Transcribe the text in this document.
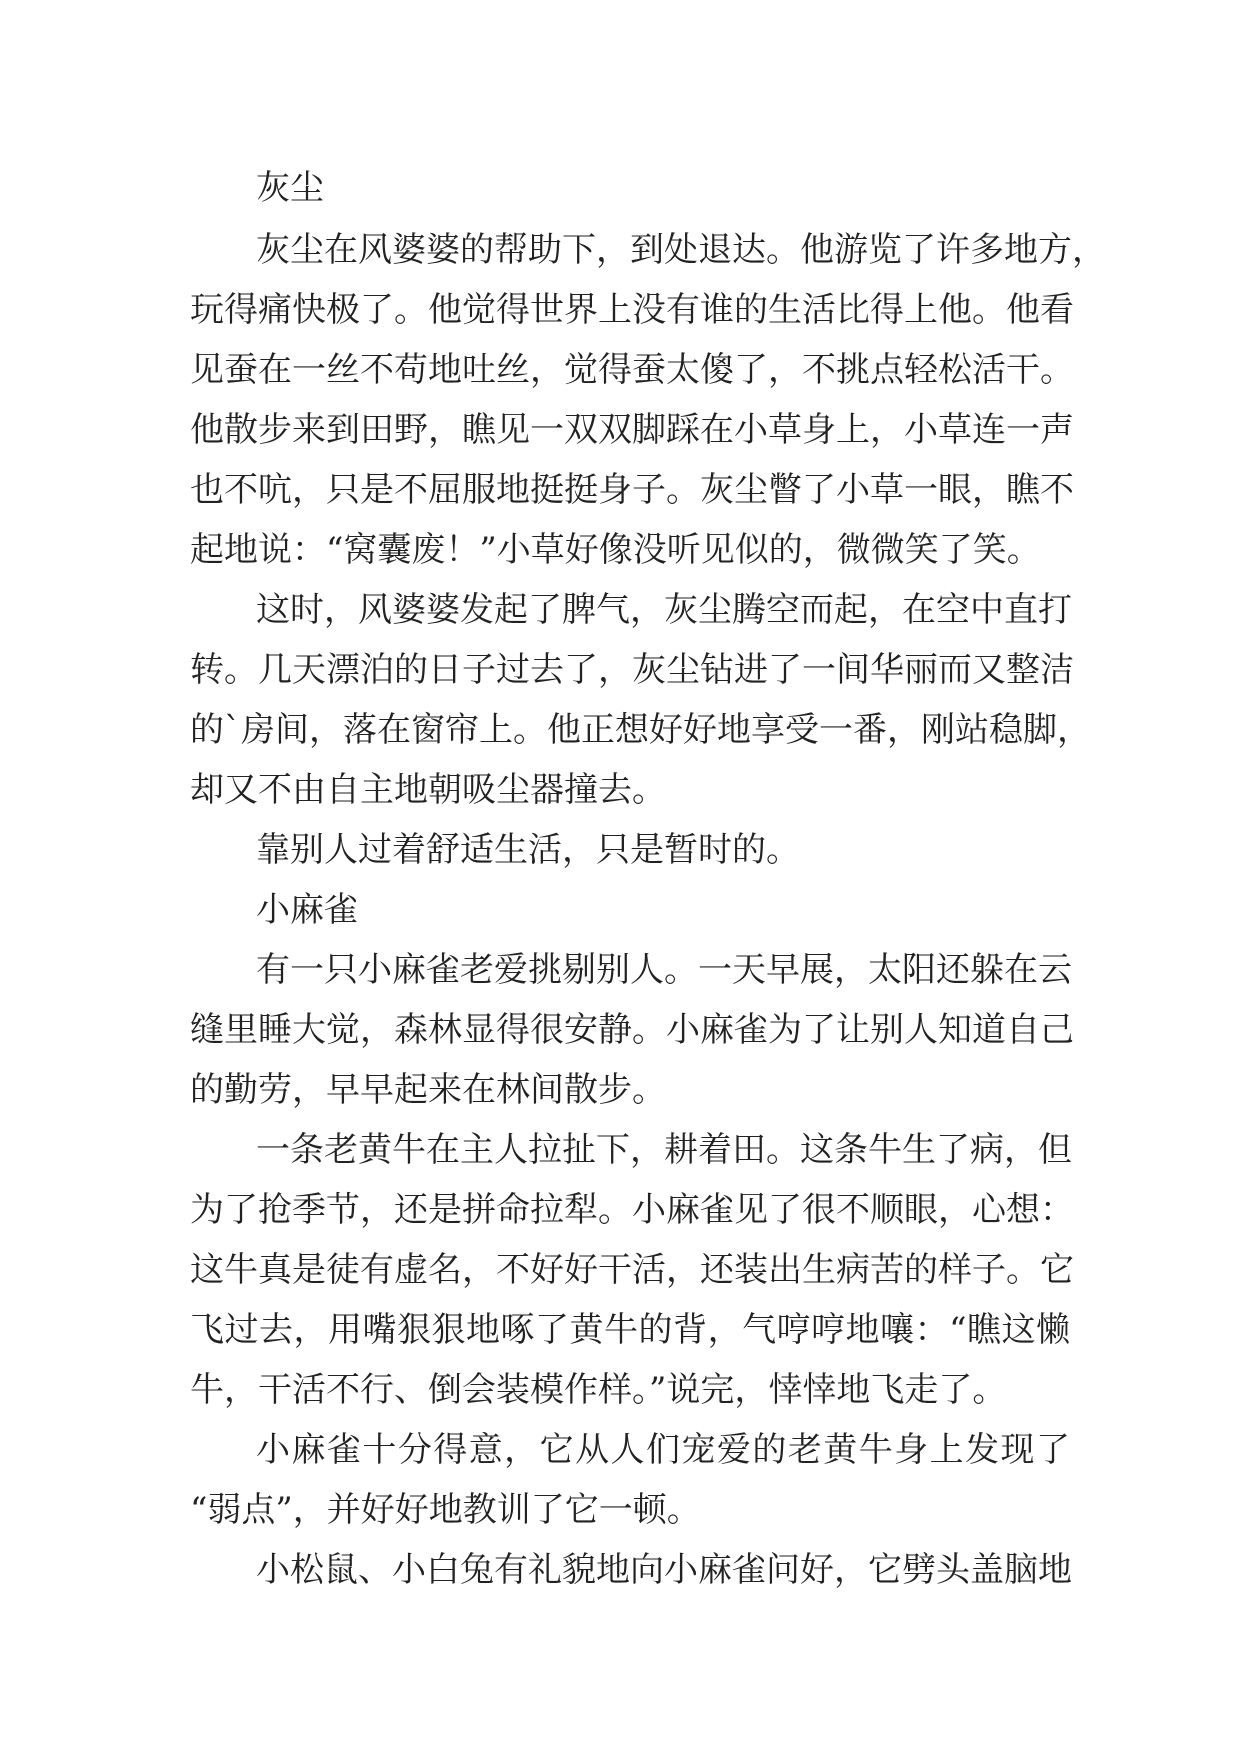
灰尘
灰尘在风婆婆的帮助下，到处退达。他游览了许多地方，
玩得痛快极了。他觉得世界上没有谁的生活比得上他。他看
见蚕在一丝不苟地吐丝，觉得蚕太傻了，不挑点轻松活干。
他散步来到田野，瞧见一双双脚踩在小草身上，小草连一声
也不吭，只是不屈服地挺挺身子。灰尘瞥了小草一眼，瞧不
起地说：“窝囊废！”小草好像没听见似的，微微笑了笑。
这时，风婆婆发起了脾气，灰尘腾空而起，在空中直打
转。几天漂泊的日子过去了，灰尘钻进了一间华丽而又整洁
的`房间，落在窗帘上。他正想好好地享受一番，刚站稳脚，
却又不由自主地朝吸尘器撞去。
靠别人过着舒适生活，只是暂时的。
小麻雀
有一只小麻雀老爱挑剔别人。一天早展，太阳还躲在云
缝里睡大觉，森林显得很安静。小麻雀为了让别人知道自己
的勤劳，早早起来在林间散步。
一条老黄牛在主人拉扯下，耕着田。这条牛生了病，但
为了抢季节，还是拼命拉犁。小麻雀见了很不顺眼，心想：
这牛真是徒有虚名，不好好干活，还装出生病苦的样子。它
飞过去，用嘴狠狠地啄了黄牛的背，气哼哼地嚷：“瞧这懒
牛，干活不行、倒会装模作样。”说完，悻悻地飞走了。
小麻雀十分得意，它从人们宠爱的老黄牛身上发现了
“弱点”，并好好地教训了它一顿。
小松鼠、小白兔有礼貌地向小麻雀问好，它劈头盖脑地
